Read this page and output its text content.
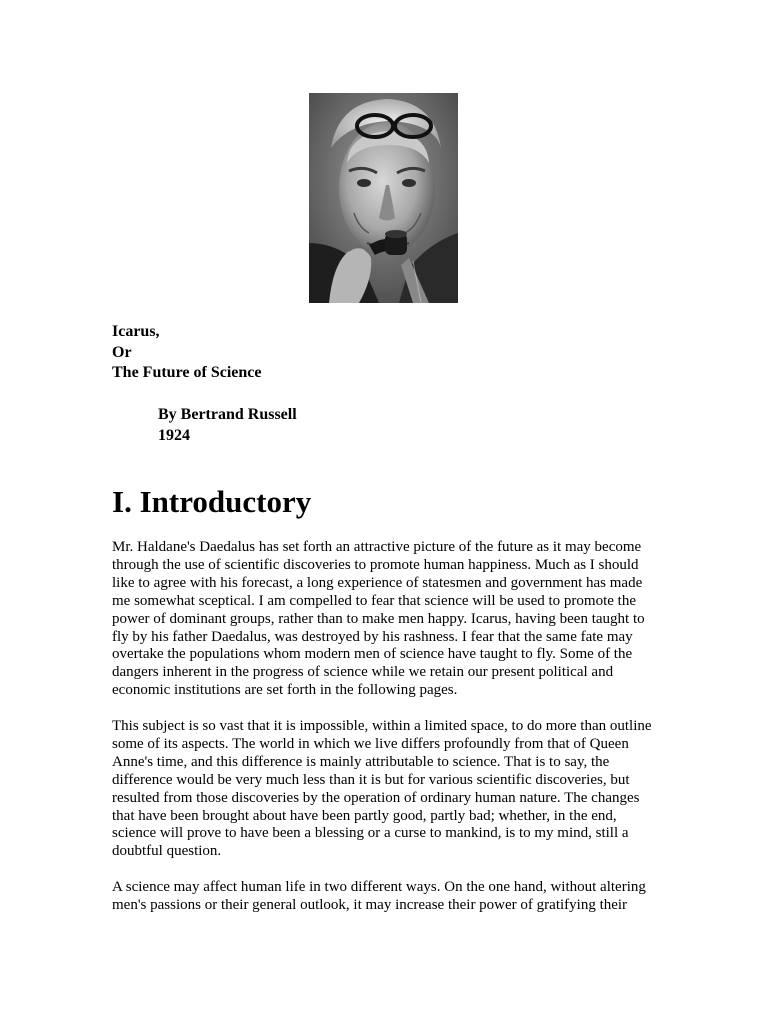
Icarus,
Or
The Future of Science
By Bertrand Russell
1924
I. Introductory

Mr. Haldane's Daedalus has set forth an attractive picture of the future as it may become
through the use of scientific discoveries to promote human happiness. Much as I should
like to agree with his forecast, a long experience of statesmen and government has made
me somewhat sceptical. I am compelled to fear that science will be used to promote the
power of dominant groups, rather than to make men happy. Icarus, having been taught to
fly by his father Daedalus, was destroyed by his rashness. I fear that the same fate may
overtake the populations whom modern men of science have taught to fly. Some of the
dangers inherent in the progress of science while we retain our present political and
economic institutions are set forth in the following pages.

This subject is so vast that it is impossible, within a limited space, to do more than outline
some of its aspects. The world in which we live differs profoundly from that of Queen
Anne's time, and this difference is mainly attributable to science. That is to say, the
difference would be very much less than it is but for various scientific discoveries, but
resulted from those discoveries by the operation of ordinary human nature. The changes
that have been brought about have been partly good, partly bad; whether, in the end,
science will prove to have been a blessing or a curse to mankind, is to my mind, still a
doubtful question.

A science may affect human life in two different ways. On the one hand, without altering
men's passions or their general outlook, it may increase their power of gratifying their
